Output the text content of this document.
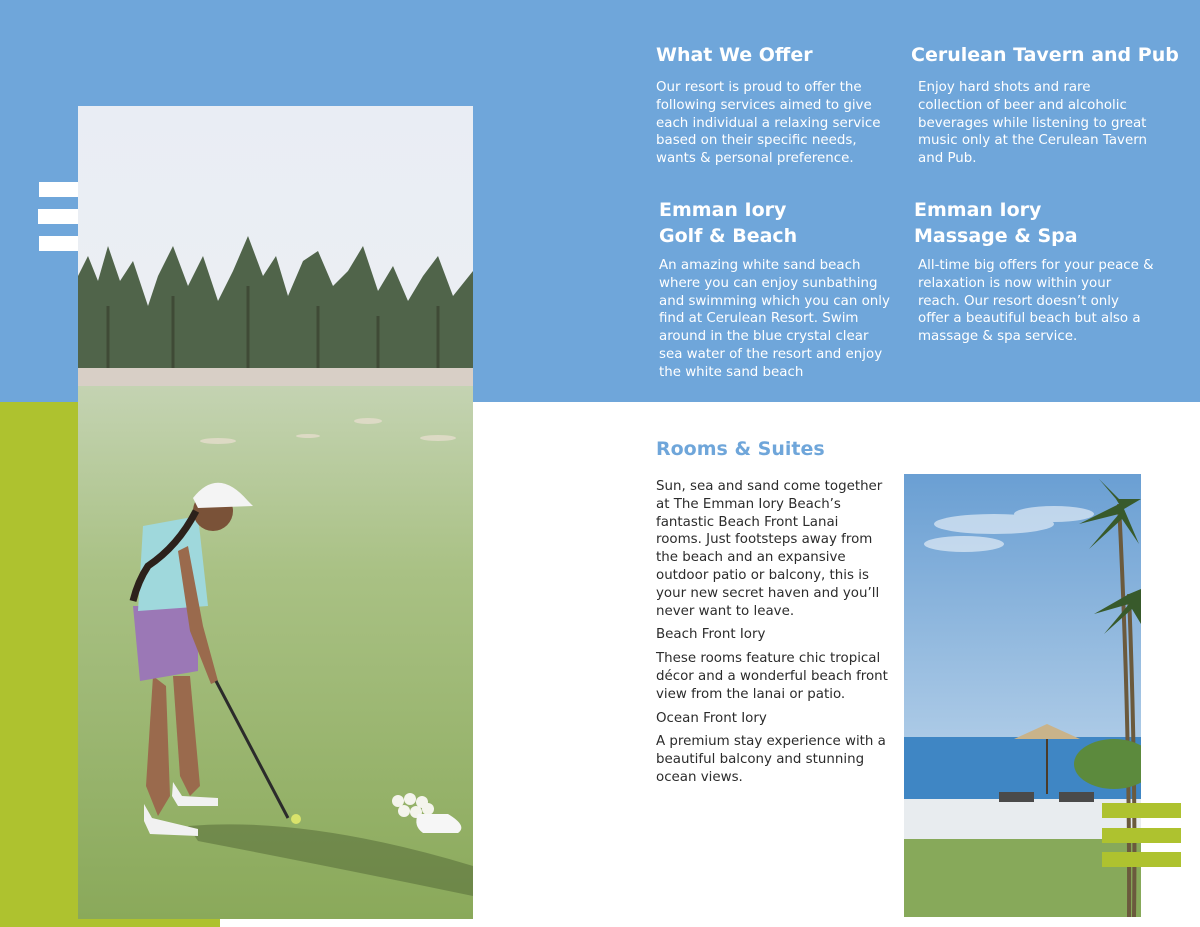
What We Offer

Our resort is proud to offer the following services aimed to give each individual a relaxing service based on their specific needs, wants & personal preference.

Cerulean Tavern and Pub

Enjoy hard shots and rare collection of beer and alcoholic beverages while listening to great music only at the Cerulean Tavern and Pub.

Emman Iory
Golf & Beach

An amazing white sand beach where you can enjoy sunbathing and swimming which you can only find at Cerulean Resort. Swim around in the blue crystal clear sea water of the resort and enjoy the white sand beach

Emman Iory
Massage & Spa

All-time big offers for your peace & relaxation is now within your reach. Our resort doesn’t only offer a beautiful beach but also a massage & spa service.

Rooms & Suites

Sun, sea and sand come together at The Emman Iory Beach’s fantastic Beach Front Lanai rooms. Just footsteps away from the beach and an expansive outdoor patio or balcony, this is your new secret haven and you’ll never want to leave.

Beach Front Iory

These rooms feature chic tropical décor and a wonderful beach front view from the lanai or patio.

Ocean Front Iory

A premium stay experience with a beautiful balcony and stunning ocean views.
